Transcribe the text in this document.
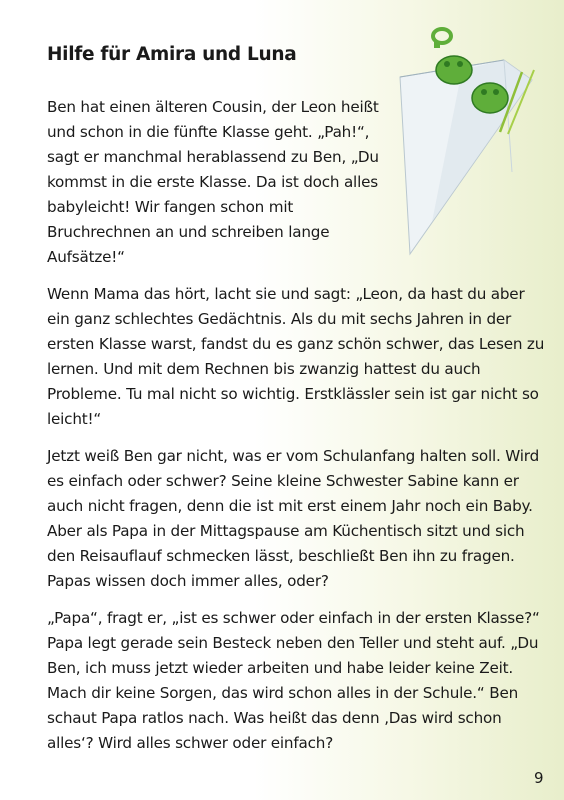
Hilfe für Amira und Luna

Ben hat einen älteren Cousin, der Leon heißt und schon in die fünfte Klasse geht. „Pah!“, sagt er manchmal herablassend zu Ben, „Du kommst in die erste Klasse. Da ist doch alles babyleicht! Wir fangen schon mit Bruchrechnen an und schreiben lange Aufsätze!“

Wenn Mama das hört, lacht sie und sagt: „Leon, da hast du aber ein ganz schlechtes Gedächtnis. Als du mit sechs Jahren in der ersten Klasse warst, fandst du es ganz schön schwer, das Lesen zu lernen. Und mit dem Rechnen bis zwanzig hattest du auch Probleme. Tu mal nicht so wichtig. Erstklässler sein ist gar nicht so leicht!“

Jetzt weiß Ben gar nicht, was er vom Schulanfang halten soll. Wird es einfach oder schwer? Seine kleine Schwester Sabine kann er auch nicht fragen, denn die ist mit erst einem Jahr noch ein Baby. Aber als Papa in der Mittagspause am Küchentisch sitzt und sich den Reisauflauf schmecken lässt, beschließt Ben ihn zu fragen. Papas wissen doch immer alles, oder?

„Papa“, fragt er, „ist es schwer oder einfach in der ersten Klasse?“ Papa legt gerade sein Besteck neben den Teller und steht auf. „Du Ben, ich muss jetzt wieder arbeiten und habe leider keine Zeit. Mach dir keine Sorgen, das wird schon alles in der Schule.“ Ben schaut Papa ratlos nach. Was heißt das denn ‚Das wird schon alles‘? Wird alles schwer oder einfach?

9
